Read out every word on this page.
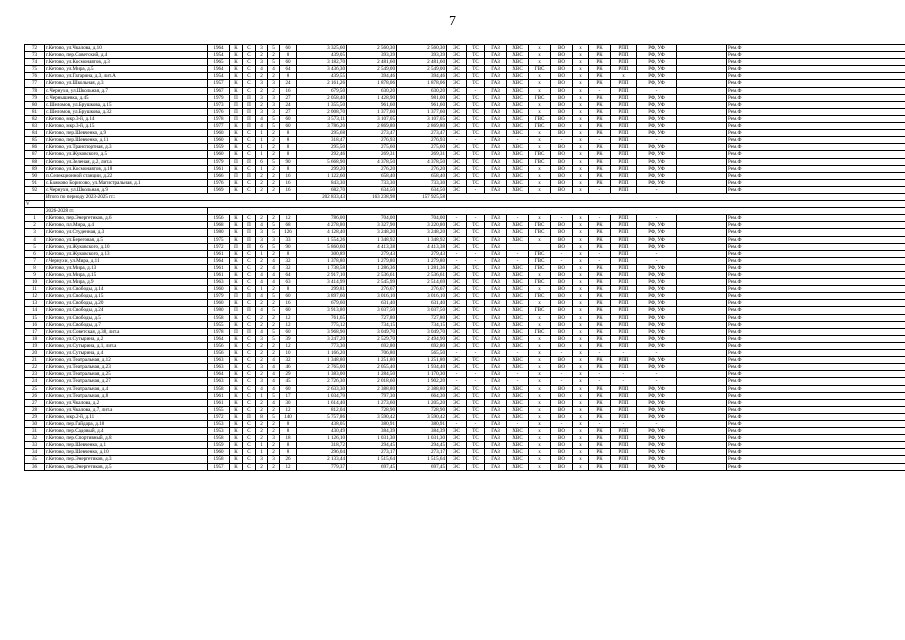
7
72	г.Кетово, ул.Чкалова, д.10	1964	К	С	3	5	60	3 325,60	2 560,30	2 560,30	ЭС	ТС	ГАЗ	ХВС	х	ВО	х	РК	РПП	РФ, УФ		Рем.Ф
73	г.Кетово, пер.Советский, д.4	1954	К	С	2	2	8	439,05	393,39	393,39	ЭС	ТС	ГАЗ	ХВС	х	ВО	х	РК	РПП	РФ, УФ		Рем.Ф
74	г.Кетово, ул.Космонавтов, д.3	1965	К	С	3	5	60	3 182,70	2 481,60	2 481,60	ЭС	ТС	ГАЗ	ХВС	х	ВО	х	РК	РПП	РФ, УФ		Рем.Ф
75	г.Кетово, ул.Мира, д.5	1964	К	С	4	4	64	3 436,30	2 549,00	2 549,00	ЭС	ТС	ГАЗ	ХВС	ГВС	ВО	х	РК	РПП	РФ, УФ		Рем.Ф
76	г.Кетово, ул.Гагарина, д.3, лит.А	1954	К	С	2	2	8	439,55	394,46	394,46	ЭС	ТС	ГАЗ	ХВС	х	ВО	х	РК	х	РФ, УФ		Рем.Ф
77	г.Кетово, ул.Школьная, д.3	1957	К	С	3	3	24	2 161,26	1 878,06	1 878,06	ЭС	ТС	ГАЗ	ХВС	х	ВО	х	РК	РПП	РФ, УФ		Рем.Ф
78	с.Чернухи, ул.Школьная, д.7	1967	К	С	2	2	16	679,50	630,20	630,20	ЭС	-	ГАЗ	ХВС	х	ВО	х	-	РПП	-		Рем.Ф
79	с.Чернышевка, д.45	1979	П	П	3	3	27	2 058,40	1 428,90	981,00	ЭС	ТС	ГАЗ	ХВС	ГВС	ВО	х	РК	РПП	РФ, УФ		Рем.Ф
80	с.Шеломов, ул.Брушкова, д.15	1973	П	П	2	3	24	1 355,50	961,60	961,60	ЭС	ТС	ГАЗ	ХВС	х	ВО	х	РК	РПП	РФ, УФ		Рем.Ф
81	с.Шеломов, ул.Брушкова, д.32	1976	П	П	3	3	27	2 008,70	1 377,60	1 377,60	ЭС	ТС	ГАЗ	ХВС	х	ВО	х	РК	РПП	РФ, УФ		Рем.Ф
82	г.Кетово, мкр.3-й, д.14	1978	П	П	4	5	60	3 573,11	3 107,05	3 107,05	ЭС	ТС	ГАЗ	ХВС	ГВС	ВО	х	РК	РПП	РФ, УФ		Рем.Ф
83	г.Кетово, мкр.3-й, д.15	1977	К	П	4	5	60	3 786,20	2 869,80	2 869,80	ЭС	ТС	ГАЗ	ХВС	ГВС	ВО	х	РК	РПП	РФ, УФ		Рем.Ф
84	г.Кетово, пер.Шевченко, д.9	1960	К	С	1	2	8	295,68	273,47	273,47	ЭС	ТС	ГАЗ	ХВС	х	ВО	х	РК	РПП	РФ, УФ		Рем.Ф
85	г.Кетово, пер.Шевченко, д.11	1960	К	С	1	2	8	318,47	276,93	276,93	-	-	ГАЗ	-	х	-	х	-	РПП	-		Рем.Ф
86	г.Кетово, ул.Транспортная, д.3	1959	К	С	1	2	8	295,50	275,60	275,60	ЭС	ТС	ГАЗ	ХВС	х	ВО	х	РК	РПП	РФ, УФ		Рем.Ф
87	г.Кетово, ул.Жуковского, д.5	1960	К	С	1	2	8	292,46	269,31	269,31	ЭС	ТС	ГАЗ	ХВС	ГВС	ВО	х	РК	РПП	РФ, УФ		Рем.Ф
88	г.Кетово, ул.Зеленая, д.2, лит.а	1979	П	П	6	5	90	5 668,90	4 378,50	4 378,50	ЭС	ТС	ГАЗ	ХВС	ГВС	ВО	х	РК	РПП	РФ, УФ		Рем.Ф
89	г.Кетово, ул.Космонавтов, д.18	1961	К	С	1	2	8	299,20	276,20	276,20	ЭС	ТС	ГАЗ	ХВС	х	ВО	х	РК	РПП	РФ, УФ		Рем.Ф
90	п.Селекционной станции, д.22	1966	П	П	2	2	16	1 122,60	658,40	658,40	ЭС	ТС	ГАЗ	ХВС	х	ВО	х	РК	РПП	РФ, УФ		Рем.Ф
91	с.Бажково Борисово, ул.Магистральная, д.1	1976	К	С	2	2	16	843,30	733,30	733,30	ЭС	ТС	ГАЗ	ХВС	х	ВО	х	РК	РПП	РФ, УФ		Рем.Ф
92	с.Чернухи, ул.Школьная, д.9	1969	К	С	2	2	16	682,70	634,50	634,50	ЭС	-	ГАЗ	ХВС	х	ВО	х	-	РПП	-		Рем.Ф
	Итого по периоду 2023-2025 гг.:							202 833,43	163 238,98	157 925,58												
V																						
	2026-2028 гг.																					
1	г.Кетово, пер.Энергетиков, д.6	1956	К	С	2	2	12	786,00	704,00	704,00	-	-	ГАЗ	-	х	-	х	-	РПП	-		Рем.Ф
2	г.Кетово, пл.Мира, д.4	1968	К	П	4	5	68	4 278,80	3 327,90	3 220,80	ЭС	ТС	ГАЗ	ХВС	ГВС	ВО	х	РК	РПП	РФ, УФ		Рем.Ф
3	г.Кетово, ул.Студенная, д.3	1980	К	П	3	5	126	4 128,40	3 248,20	3 248,20	ЭС	ТС	ГАЗ	ХВС	ГВС	ВО	х	РК	РПП	РФ, УФ		Рем.Ф
4	г.Кетово, ул.Береговая, д.5	1975	К	П	3	3	33	1 554,26	1 348,92	1 348,92	ЭС	ТС	ГАЗ	ХВС	х	ВО	х	РК	РПП	РФ, УФ		Рем.Ф
5	г.Кетово, ул.Жуковского, д.10	1972	П	П	6	5	90	5 860,60	4 413,38	4 413,38	ЭС	ТС	ГАЗ			ВО	х	РК	РПП	РФ, УФ		Рем.Ф
6	г.Кетово, ул.Жуковского, д.13	1961	К	С	1	2	8	300,89	279,43	279,43	-	-	ГАЗ	-	ГВС	-	х	-	РПП	-		Рем.Ф
7	г.Чернухи, ул.Мира, д.11	1964	К	С	2	4	32	1 378,80	1 279,80	1 279,80	-	-	ГАЗ	-	ГВС	-	х	-	РПП	-		Рем.Ф
8	г.Кетово, ул.Мира, д.13	1961	К	С	2	4	32	1 738,58	1 286,36	1 281,36	ЭС	ТС	ГАЗ	ХВС	ГВС	ВО	х	РК	РПП	РФ, УФ		Рем.Ф
9	г.Кетово, ул.Мира, д.15	1961	К	С	4	4	64	2 917,10	2 536,61	2 536,61	ЭС	ТС	ГАЗ	ХВС	х	ВО	х	РК	РПП	РФ, УФ		Рем.Ф
10	г.Кетово, ул.Мира, д.9	1963	К	С	4	4	63	3 414,99	2 545,99	2 514,69	ЭС	ТС	ГАЗ	ХВС	ГВС	ВО	х	РК	РПП	РФ, УФ		Рем.Ф
11	г.Кетово, ул.Свободы, д.14	1960	К	С	1	2	8	299,81	276,67	276,67	ЭС	ТС	ГАЗ	ХВС	х	ВО	х	РК	РПП	РФ, УФ		Рем.Ф
12	г.Кетово, ул.Свободы, д.15	1979	П	П	4	5	60	3 897,60	3 016,10	3 016,10	ЭС	ТС	ГАЗ	ХВС	ГВС	ВО	х	РК	РПП	РФ, УФ		Рем.Ф
13	г.Кетово, ул.Свободы, д.20	1960	К	С	2	2	16	679,60	631,40	631,40	ЭС	ТС	ГАЗ	ХВС	х	ВО	х	РК	РПП	РФ, УФ		Рем.Ф
14	г.Кетово, ул.Свободы, д.24	1980	П	П	4	5	60	3 913,80	3 037,50	3 037,50	ЭС	ТС	ГАЗ	ХВС	ГВС	ВО	х	РК	РПП	РФ, УФ		Рем.Ф
15	г.Кетово, ул.Свободы, д.5	1958	К	С	2	2	12	761,65	727,80	727,80	ЭС	ТС	ГАЗ	ХВС	х	ВО	х	РК	РПП	РФ, УФ		Рем.Ф
16	г.Кетово, ул.Свободы, д.7	1955	К	С	2	2	12	775,12	734,15	734,15	ЭС	ТС	ГАЗ	ХВС	х	ВО	х	РК	РПП	РФ, УФ		Рем.Ф
17	г.Кетово, ул.Советская, д.38, лит.а	1978	П	П	4	5	60	3 968,90	3 049,70	3 049,70	ЭС	ТС	ГАЗ	ХВС	ГВС	ВО	х	РК	РПП	РФ, УФ		Рем.Ф
18	г.Кетово, ул.Сутырина, д.2	1964	К	С	3	5	39	3 247,20	2 529,70	2 494,90	ЭС	ТС	ГАЗ	ХВС	х	ВО	х	РК	РПП	РФ, УФ		Рем.Ф
19	г.Кетово, ул.Сутырина, д.1, лит.а	1956	К	С	2	2	12	773,30	692,80	692,80	ЭС	ТС	ГАЗ	ХВС	х	ВО	х	РК	РПП	РФ, УФ		Рем.Ф
20	г.Кетово, ул.Сутырина, д.4	1956	К	С	2	2	10	1 166,20	706,80	565,50	-	-	ГАЗ	-	х	-	х	-	-	-		Рем.Ф
21	г.Кетово, ул.Театральная, д.12	1963	К	С	2	4	32	1 348,80	1 251,80	1 251,80	ЭС	ТС	ГАЗ	ХВС	х	ВО	х	РК	РПП	РФ, УФ		Рем.Ф
22	г.Кетово, ул.Театральная, д.23	1963	К	С	3	4	46	2 765,00	2 055,40	1 934,40	ЭС	ТС	ГАЗ	ХВС	х	ВО	х	РК	РПП	РФ, УФ		Рем.Ф
23	г.Кетово, ул.Театральная, д.25	1964	К	С	2	4	29	1 383,00	1 284,50	1 170,30	-	-	ГАЗ	-	х	-	х	-	-	-		Рем.Ф
24	г.Кетово, ул.Театральная, д.27	1963	К	С	3	4	45	2 726,30	2 018,60	1 902,20	-	-	ГАЗ	-	х	-	х	-	-	-		Рем.Ф
25	г.Кетово, ул.Театральная, д.4	1958	К	С	4	4	60	2 633,30	2 388,80	2 388,80	ЭС	ТС	ГАЗ	ХВС	х	ВО	х	РК	РПП	РФ, УФ		Рем.Ф
26	г.Кетово, ул.Театральная, д.8	1961	К	С	1	5	17	1 034,70	797,30	664,30	ЭС	ТС	ГАЗ	ХВС	х	ВО	х	РК	РПП	РФ, УФ		Рем.Ф
27	г.Кетово, ул.Чкалова, д.2	1961	К	С	2	4	30	1 614,40	1 273,60	1 205,20	ЭС	ТС	ГАЗ	ХВС	х	ВО	х	РК	РПП	РФ, УФ		Рем.Ф
28	г.Кетово, ул.Чкалова, д.7, лит.а	1955	К	С	2	2	12	812,04	728,90	728,90	ЭС	ТС	ГАЗ	ХВС	х	ВО	х	РК	РПП	РФ, УФ		Рем.Ф
29	г.Кетово, мкр.2-й, д.11	1972	К	П	8	5	140	5 757,86	3 590,42	3 590,42	ЭС	ТС	ГАЗ	ХВС	х	ВО	х	РК	РПП	РФ, УФ		Рем.Ф
30	г.Кетово, пер.Гайдара, д.18	1953	К	С	2	2	8	438,05	380,91	380,91	-	-	ГАЗ	-	х	-	х	-	-	-		Рем.Ф
31	г.Кетово, пер.Садовый, д.4	1953	К	С	2	2	8	430,49	384,39	384,39	ЭС	ТС	ГАЗ	ХВС	х	ВО	х	РК	РПП	РФ, УФ		Рем.Ф
32	г.Кетово, пер.Спортивный, д.8	1958	К	С	2	3	18	1 126,10	1 031,30	1 031,30	ЭС	ТС	ГАЗ	ХВС	х	ВО	х	РК	РПП	РФ, УФ		Рем.Ф
33	г.Кетово, пер.Шевченко, д.1	1959	К	С	1	2	8	318,72	294,45	294,45	ЭС	ТС	ГАЗ	ХВС	х	ВО	х	РК	РПП	РФ, УФ		Рем.Ф
34	г.Кетово, пер.Шевченко, д.10	1960	К	С	1	2	8	296,04	273,17	273,17	ЭС	ТС	ГАЗ	ХВС	х	ВО	х	РК	РПП	РФ, УФ		Рем.Ф
35	г.Кетово, пер.Энергетиков, д.3	1958	К	С	3	3	26	2 133,44	1 515,64	1 515,64	ЭС	ТС	ГАЗ	ХВС	х	ВО	х	РК	РПП	РФ, УФ		Рем.Ф
36	г.Кетово, пер.Энергетиков, д.5	1957	К	С	2	2	12	779,37	697,45	697,45	ЭС	ТС	ГАЗ	ХВС	х	ВО	х	РК	РПП	РФ, УФ		Рем.Ф
